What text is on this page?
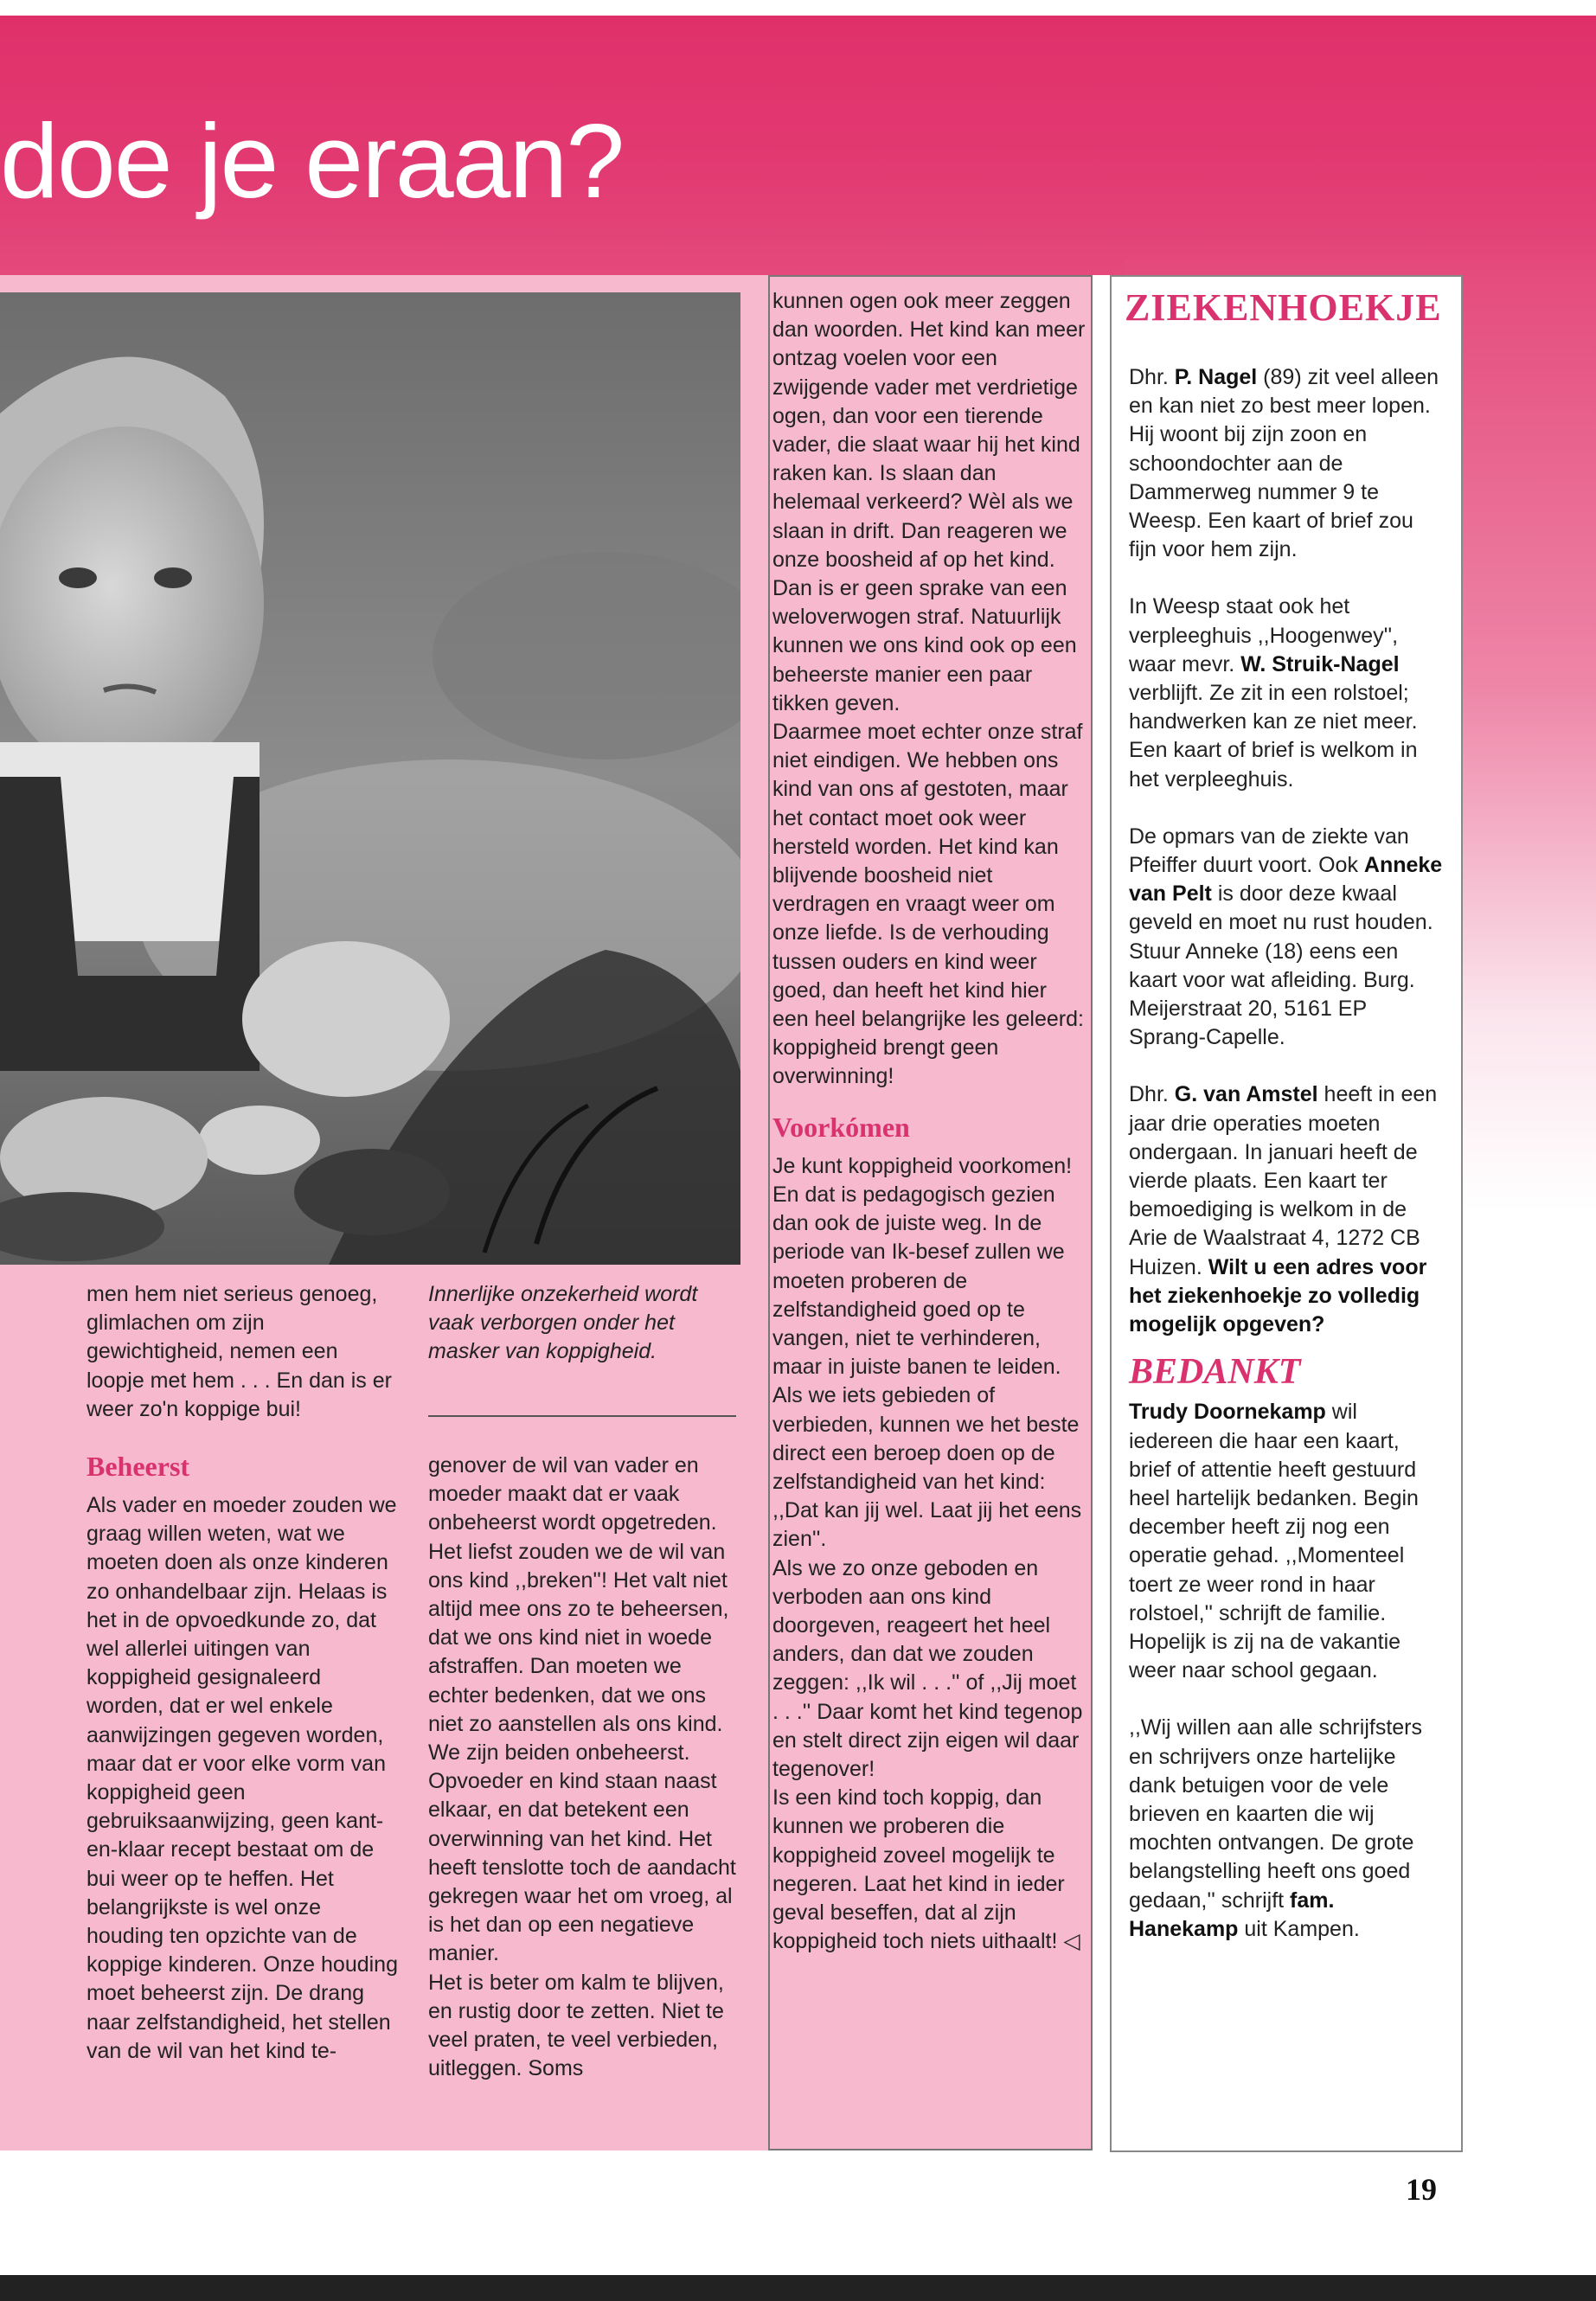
doe je eraan?

men hem niet serieus genoeg, glimlachen om zijn gewichtigheid, nemen een loopje met hem . . . En dan is er weer zo'n koppige bui!

Beheerst

Als vader en moeder zouden we graag willen weten, wat we moeten doen als onze kinderen zo onhandelbaar zijn. Helaas is het in de opvoedkunde zo, dat wel allerlei uitingen van koppigheid gesignaleerd worden, dat er wel enkele aanwijzingen gegeven worden, maar dat er voor elke vorm van koppigheid geen gebruiksaanwijzing, geen kant-en-klaar recept bestaat om de bui weer op te heffen. Het belangrijkste is wel onze houding ten opzichte van de koppige kinderen. Onze houding moet beheerst zijn. De drang naar zelfstandigheid, het stellen van de wil van het kind te-

Innerlijke onzekerheid wordt vaak verborgen onder het masker van koppigheid.

genover de wil van vader en moeder maakt dat er vaak onbeheerst wordt opgetreden. Het liefst zouden we de wil van ons kind ,,breken''! Het valt niet altijd mee ons zo te beheersen, dat we ons kind niet in woede afstraffen. Dan moeten we echter bedenken, dat we ons niet zo aanstellen als ons kind. We zijn beiden onbeheerst. Opvoeder en kind staan naast elkaar, en dat betekent een overwinning van het kind. Het heeft tenslotte toch de aandacht gekregen waar het om vroeg, al is het dan op een negatieve manier.

Het is beter om kalm te blijven, en rustig door te zetten. Niet te veel praten, te veel verbieden, uitleggen. Soms

kunnen ogen ook meer zeggen dan woorden. Het kind kan meer ontzag voelen voor een zwijgende vader met verdrietige ogen, dan voor een tierende vader, die slaat waar hij het kind raken kan. Is slaan dan helemaal verkeerd? Wèl als we slaan in drift. Dan reageren we onze boosheid af op het kind. Dan is er geen sprake van een weloverwogen straf. Natuurlijk kunnen we ons kind ook op een beheerste manier een paar tikken geven.

Daarmee moet echter onze straf niet eindigen. We hebben ons kind van ons af gestoten, maar het contact moet ook weer hersteld worden. Het kind kan blijvende boosheid niet verdragen en vraagt weer om onze liefde. Is de verhouding tussen ouders en kind weer goed, dan heeft het kind hier een heel belangrijke les geleerd: koppigheid brengt geen overwinning!

Voorkómen

Je kunt koppigheid voorkomen! En dat is pedagogisch gezien dan ook de juiste weg. In de periode van Ik-besef zullen we moeten proberen de zelfstandigheid goed op te vangen, niet te verhinderen, maar in juiste banen te leiden. Als we iets gebieden of verbieden, kunnen we het beste direct een beroep doen op de zelfstandigheid van het kind: ,,Dat kan jij wel. Laat jij het eens zien''.

Als we zo onze geboden en verboden aan ons kind doorgeven, reageert het heel anders, dan dat we zouden zeggen: ,,Ik wil . . .'' of ,,Jij moet . . .'' Daar komt het kind tegenop en stelt direct zijn eigen wil daar tegenover!

Is een kind toch koppig, dan kunnen we proberen die koppigheid zoveel mogelijk te negeren. Laat het kind in ieder geval beseffen, dat al zijn koppigheid toch niets uithaalt! ◁

ZIEKENHOEKJE

Dhr. P. Nagel (89) zit veel alleen en kan niet zo best meer lopen. Hij woont bij zijn zoon en schoondochter aan de Dammerweg nummer 9 te Weesp. Een kaart of brief zou fijn voor hem zijn.

In Weesp staat ook het verpleeghuis ,,Hoogenwey'', waar mevr. W. Struik-Nagel verblijft. Ze zit in een rolstoel; handwerken kan ze niet meer. Een kaart of brief is welkom in het verpleeghuis.

De opmars van de ziekte van Pfeiffer duurt voort. Ook Anneke van Pelt is door deze kwaal geveld en moet nu rust houden. Stuur Anneke (18) eens een kaart voor wat afleiding. Burg. Meijerstraat 20, 5161 EP Sprang-Capelle.

Dhr. G. van Amstel heeft in een jaar drie operaties moeten ondergaan. In januari heeft de vierde plaats. Een kaart ter bemoediging is welkom in de Arie de Waalstraat 4, 1272 CB Huizen. Wilt u een adres voor het ziekenhoekje zo volledig mogelijk opgeven?

BEDANKT

Trudy Doornekamp wil iedereen die haar een kaart, brief of attentie heeft gestuurd heel hartelijk bedanken. Begin december heeft zij nog een operatie gehad. ,,Momenteel toert ze weer rond in haar rolstoel,'' schrijft de familie. Hopelijk is zij na de vakantie weer naar school gegaan.

,,Wij willen aan alle schrijfsters en schrijvers onze hartelijke dank betuigen voor de vele brieven en kaarten die wij mochten ontvangen. De grote belangstelling heeft ons goed gedaan,'' schrijft fam. Hanekamp uit Kampen.

19
